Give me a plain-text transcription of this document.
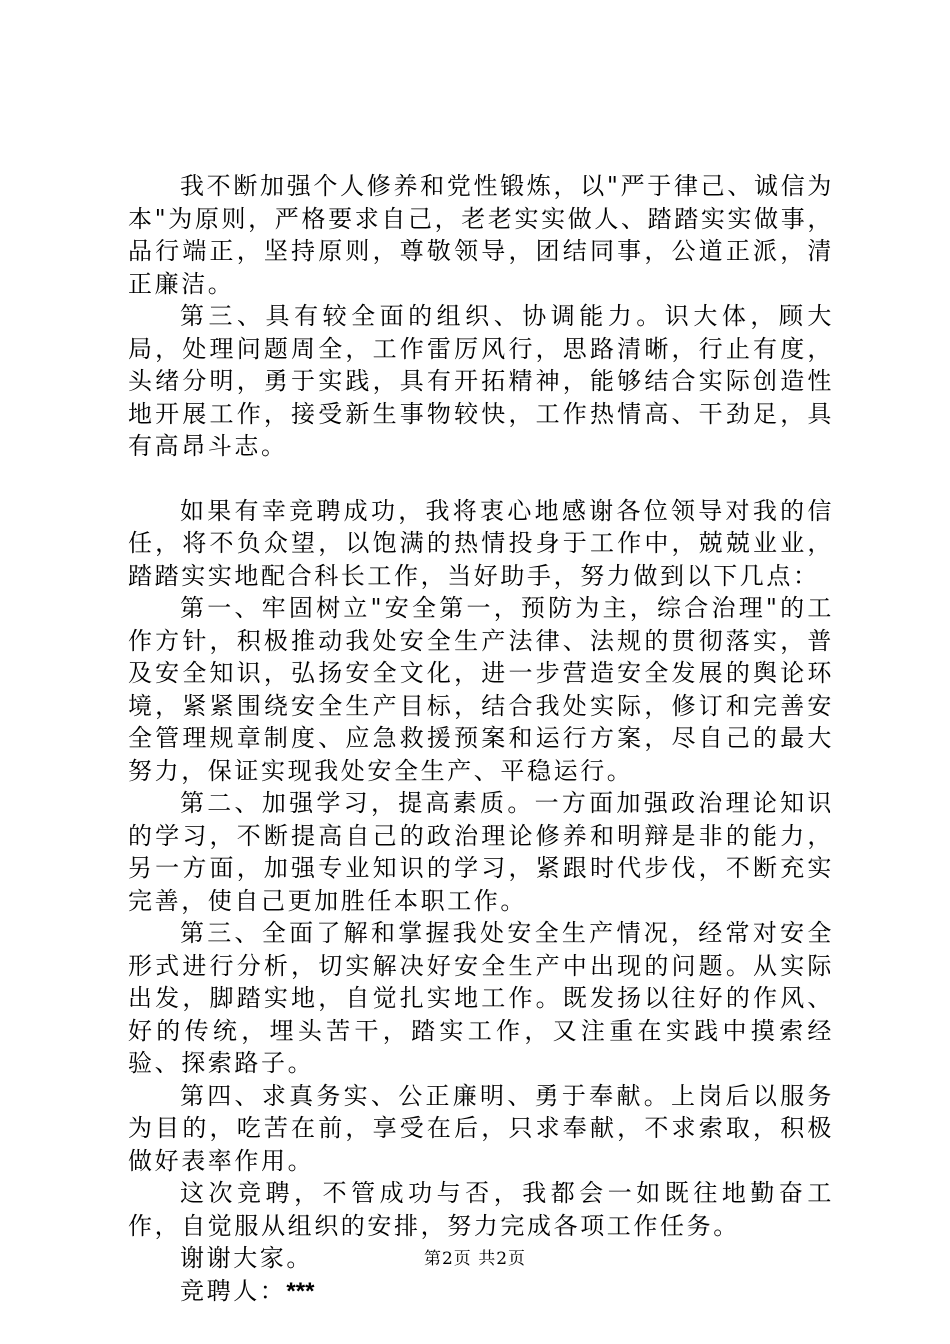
我不断加强个人修养和党性锻炼，以"严于律己、诚信为本"为原则，严格要求自己，老老实实做人、踏踏实实做事，品行端正，坚持原则，尊敬领导，团结同事，公道正派，清正廉洁。

第三、具有较全面的组织、协调能力。识大体，顾大局，处理问题周全，工作雷厉风行，思路清晰，行止有度，头绪分明，勇于实践，具有开拓精神，能够结合实际创造性地开展工作，接受新生事物较快，工作热情高、干劲足，具有高昂斗志。

如果有幸竞聘成功，我将衷心地感谢各位领导对我的信任，将不负众望，以饱满的热情投身于工作中，兢兢业业，踏踏实实地配合科长工作，当好助手，努力做到以下几点：

第一、牢固树立"安全第一，预防为主，综合治理"的工作方针，积极推动我处安全生产法律、法规的贯彻落实，普及安全知识，弘扬安全文化，进一步营造安全发展的舆论环境，紧紧围绕安全生产目标，结合我处实际，修订和完善安全管理规章制度、应急救援预案和运行方案，尽自己的最大努力，保证实现我处安全生产、平稳运行。

第二、加强学习，提高素质。一方面加强政治理论知识的学习，不断提高自己的政治理论修养和明辩是非的能力，另一方面，加强专业知识的学习，紧跟时代步伐，不断充实完善，使自己更加胜任本职工作。

第三、全面了解和掌握我处安全生产情况，经常对安全形式进行分析，切实解决好安全生产中出现的问题。从实际出发，脚踏实地，自觉扎实地工作。既发扬以往好的作风、好的传统，埋头苦干，踏实工作，又注重在实践中摸索经验、探索路子。

第四、求真务实、公正廉明、勇于奉献。上岗后以服务为目的，吃苦在前，享受在后，只求奉献，不求索取，积极做好表率作用。

这次竞聘，不管成功与否，我都会一如既往地勤奋工作，自觉服从组织的安排，努力完成各项工作任务。

谢谢大家。

竞聘人：***

第2页 共2页
